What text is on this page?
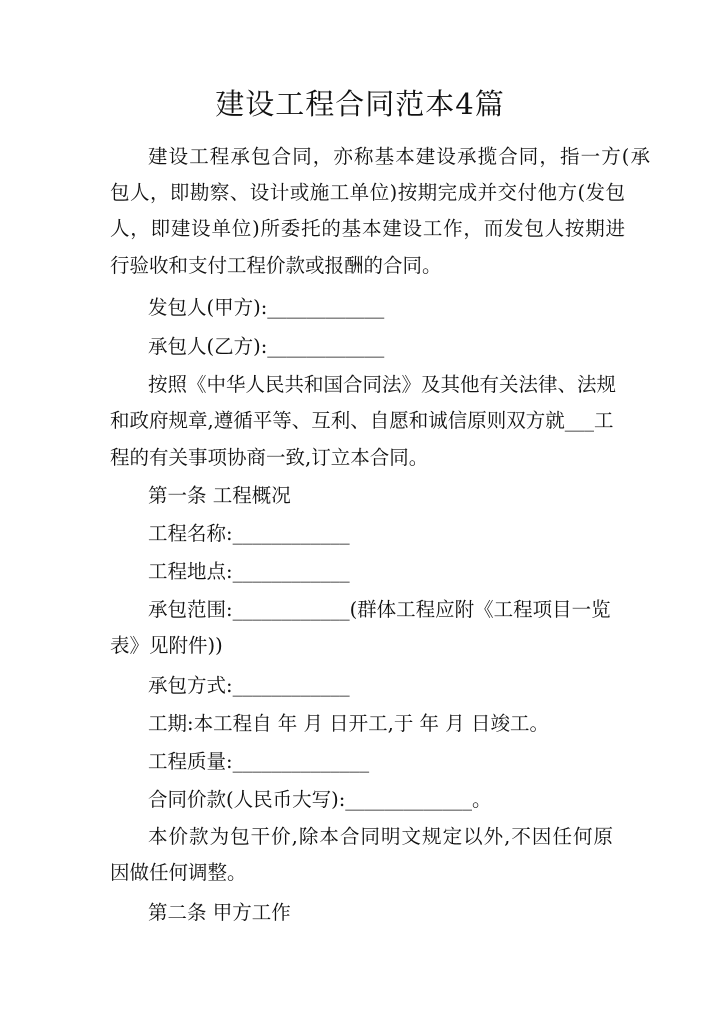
建设工程合同范本4篇
建设工程承包合同，亦称基本建设承揽合同，指一方(承
包人，即勘察、设计或施工单位)按期完成并交付他方(发包
人，即建设单位)所委托的基本建设工作，而发包人按期进
行验收和支付工程价款或报酬的合同。
发包人(甲方):____________
承包人(乙方):____________
按照《中华人民共和国合同法》及其他有关法律、法规
和政府规章,遵循平等、互利、自愿和诚信原则双方就___工
程的有关事项协商一致,订立本合同。
第一条 工程概况
工程名称:____________
工程地点:____________
承包范围:____________(群体工程应附《工程项目一览
表》见附件))
承包方式:____________
工期:本工程自 年 月 日开工,于 年 月 日竣工。
工程质量:______________
合同价款(人民币大写):_____________。
本价款为包干价,除本合同明文规定以外,不因任何原
因做任何调整。
第二条 甲方工作
